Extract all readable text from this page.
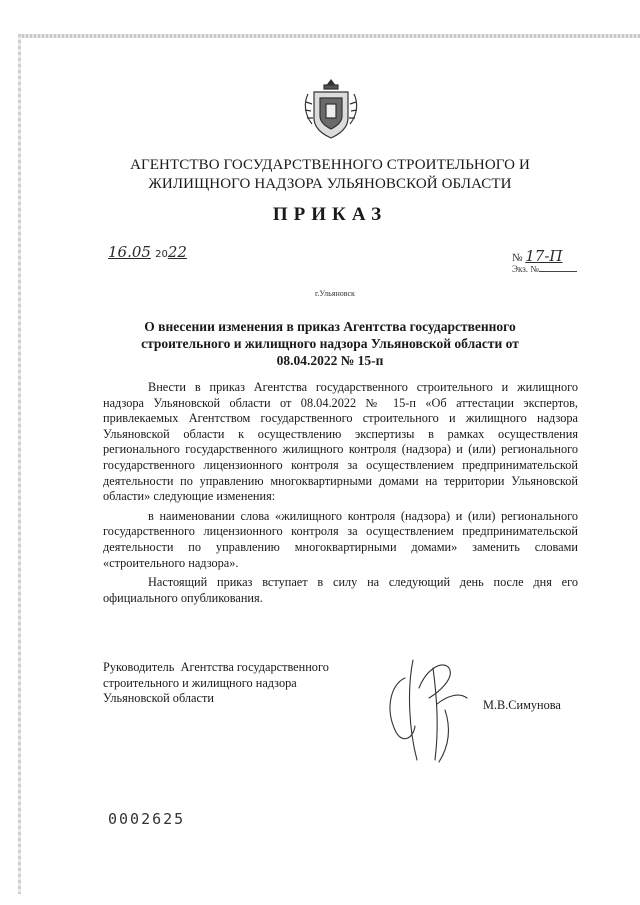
АГЕНТСТВО ГОСУДАРСТВЕННОГО СТРОИТЕЛЬНОГО И ЖИЛИЩНОГО НАДЗОРА УЛЬЯНОВСКОЙ ОБЛАСТИ
ПРИКАЗ
16.05 2022	№ 17-П
Экз. №
г.Ульяновск
О внесении изменения в приказ Агентства государственного строительного и жилищного надзора Ульяновской области от 08.04.2022 № 15-п

Внести в приказ Агентства государственного строительного и жилищного надзора Ульяновской области от 08.04.2022 № 15-п «Об аттестации экспертов, привлекаемых Агентством государственного строительного и жилищного надзора Ульяновской области к осуществлению экспертизы в рамках осуществления регионального государственного жилищного контроля (надзора) и (или) регионального государственного лицензионного контроля за осуществлением предпринимательской деятельности по управлению многоквартирными домами на территории Ульяновской области» следующие изменения:

в наименовании слова «жилищного контроля (надзора) и (или) регионального государственного лицензионного контроля за осуществлением предпринимательской деятельности по управлению многоквартирными домами» заменить словами «строительного надзора».

Настоящий приказ вступает в силу на следующий день после дня его официального опубликования.

Руководитель  Агентства государственного
строительного и жилищного надзора
Ульяновской области	М.В.Симунова
0002625
